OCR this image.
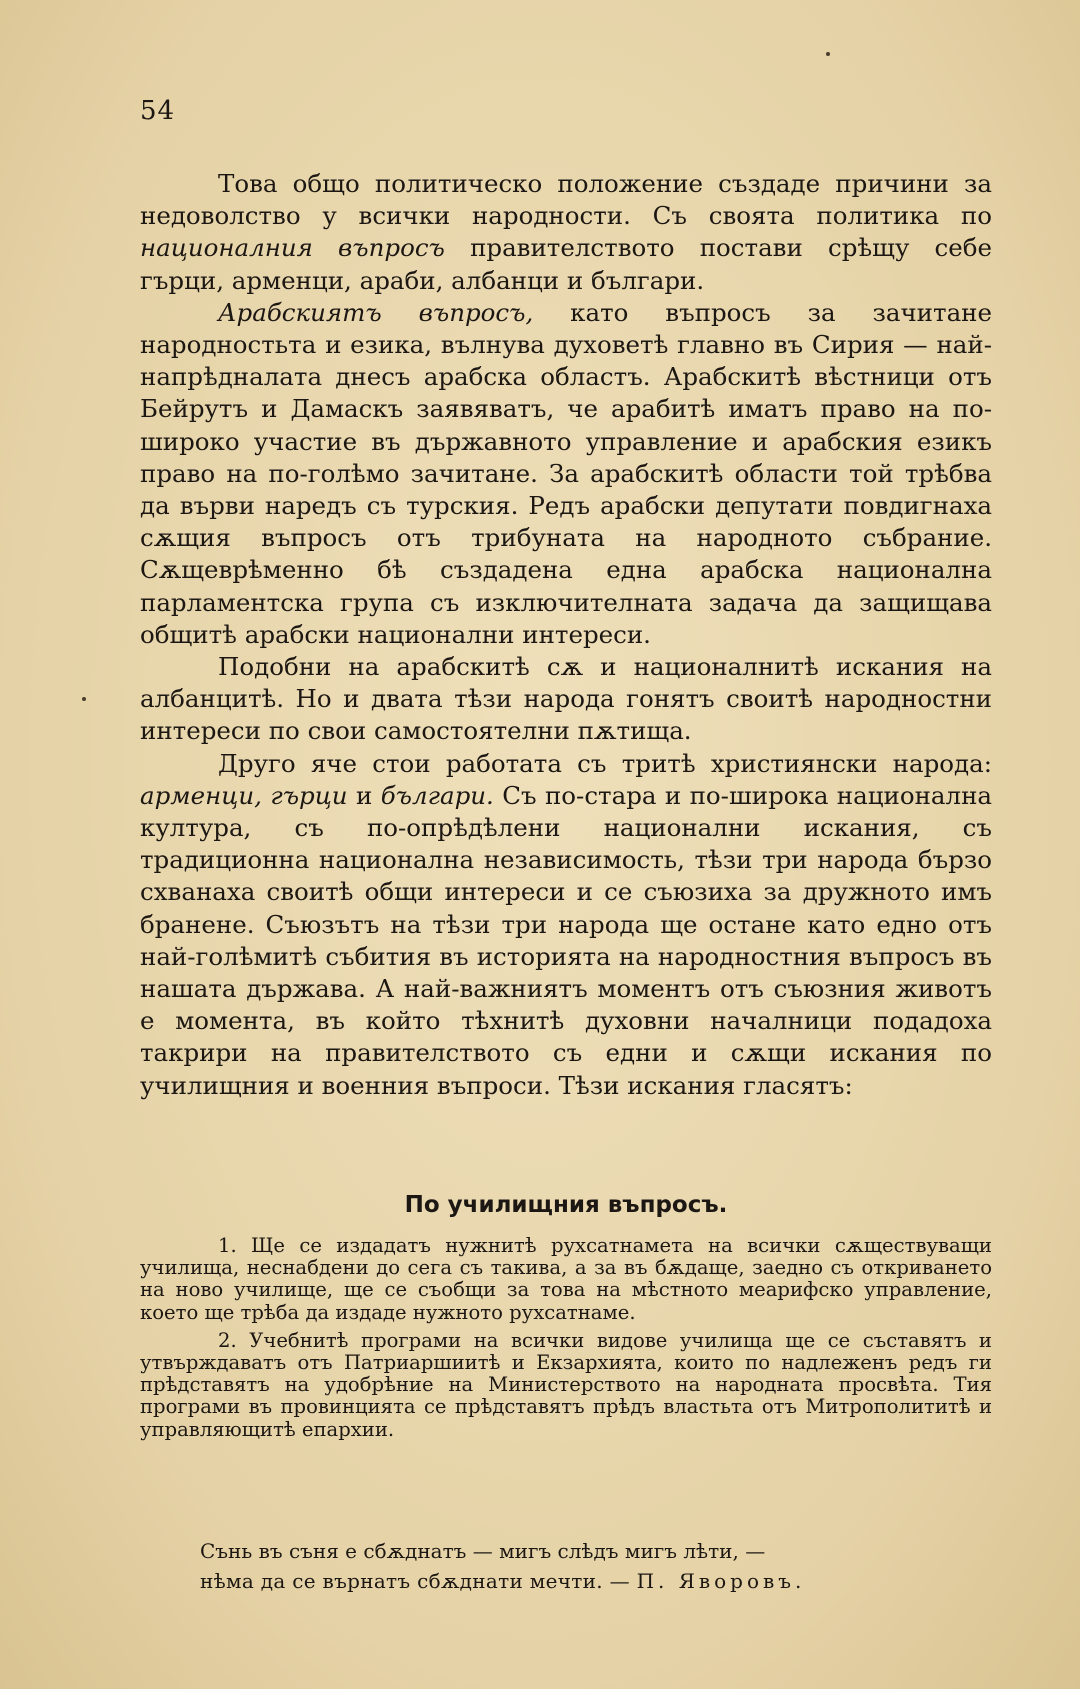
54

Това общо политическо положение създаде причини за недоволство у всички народности. Съ своята политика по националния въпросъ правителството постави срѣщу себе гърци, арменци, араби, албанци и българи.

Арабскиятъ въпросъ, като въпросъ за зачитане народностьта и езика, вълнува духоветѣ главно въ Сирия — най-напрѣдналата днесъ арабска областъ. Арабскитѣ вѣстници отъ Бейрутъ и Дамаскъ заявяватъ, че арабитѣ иматъ право на по-широко участие въ държавното управление и арабския езикъ право на по-голѣмо зачитане. За арабскитѣ области той трѣбва да върви наредъ съ турския. Редъ арабски депутати повдигнаха сѫщия въпросъ отъ трибуната на народното събрание. Сѫщеврѣменно бѣ създадена една арабска национална парламентска група съ изключителната задача да защищава общитѣ арабски национални интереси.

Подобни на арабскитѣ сѫ и националнитѣ искания на албанцитѣ. Но и двата тѣзи народа гонятъ своитѣ народностни интереси по свои самостоятелни пѫтища.

Друго яче стои работата съ тритѣ християнски народа: арменци, гърци и българи. Съ по-стара и по-широка национална култура, съ по-опрѣдѣлени национални искания, съ традиционна национална независимость, тѣзи три народа бързо схванаха своитѣ общи интереси и се съюзиха за дружното имъ бранене. Съюзътъ на тѣзи три народа ще остане като едно отъ най-голѣмитѣ събития въ историята на народностния въпросъ въ нашата държава. А най-важниятъ моментъ отъ съюзния животъ е момента, въ който тѣхнитѣ духовни началници подадоха такрири на правителството съ едни и сѫщи искания по училищния и военния въпроси. Тѣзи искания гласятъ:

По училищния въпросъ.

1. Ще се издадатъ нужнитѣ рухсатнамета на всички сѫществуващи училища, неснабдени до сега съ такива, а за въ бѫдаще, заедно съ откриването на ново училище, ще се съобщи за това на мѣстното меарифско управление, което ще трѣба да издаде нужното рухсатнаме.

2. Учебнитѣ програми на всички видове училища ще се съставятъ и утвърждаватъ отъ Патриаршиитѣ и Екзархията, които по надлеженъ редъ ги прѣдставятъ на удобрѣние на Министерството на народната просвѣта. Тия програми въ провинцията се прѣдставятъ прѣдъ властьта отъ Митрополититѣ и управляющитѣ епархии.

Сънь въ съня е сбѫднатъ — мигъ слѣдъ мигъ лѣти, —
нѣма да се върнатъ сбѫднати мечти. — П. Яворовъ.
